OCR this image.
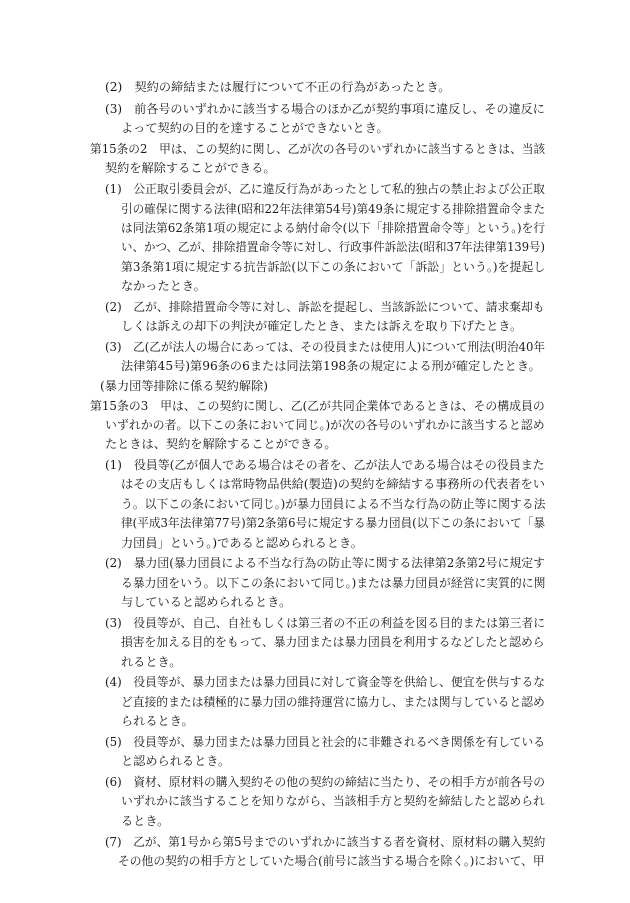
(2)　契約の締結または履行について不正の行為があったとき。
(3)　前各号のいずれかに該当する場合のほか乙が契約事項に違反し、その違反に
よって契約の目的を達することができないとき。
第15条の2　甲は、この契約に関し、乙が次の各号のいずれかに該当するときは、当該
契約を解除することができる。
(1)　公正取引委員会が、乙に違反行為があったとして私的独占の禁止および公正取
引の確保に関する法律(昭和22年法律第54号)第49条に規定する排除措置命令また
は同法第62条第1項の規定による納付命令(以下「排除措置命令等」という。)を行
い、かつ、乙が、排除措置命令等に対し、行政事件訴訟法(昭和37年法律第139号)
第3条第1項に規定する抗告訴訟(以下この条において「訴訟」という。)を提起し
なかったとき。
(2)　乙が、排除措置命令等に対し、訴訟を提起し、当該訴訟について、請求棄却も
しくは訴えの却下の判決が確定したとき、または訴えを取り下げたとき。
(3)　乙(乙が法人の場合にあっては、その役員または使用人)について刑法(明治40年
法律第45号)第96条の6または同法第198条の規定による刑が確定したとき。
(暴力団等排除に係る契約解除)
第15条の3　甲は、この契約に関し、乙(乙が共同企業体であるときは、その構成員の
いずれかの者。以下この条において同じ。)が次の各号のいずれかに該当すると認め
たときは、契約を解除することができる。
(1)　役員等(乙が個人である場合はその者を、乙が法人である場合はその役員また
はその支店もしくは常時物品供給(製造)の契約を締結する事務所の代表者をい
う。以下この条において同じ。)が暴力団員による不当な行為の防止等に関する法
律(平成3年法律第77号)第2条第6号に規定する暴力団員(以下この条において「暴
力団員」という。)であると認められるとき。
(2)　暴力団(暴力団員による不当な行為の防止等に関する法律第2条第2号に規定す
る暴力団をいう。以下この条において同じ。)または暴力団員が経営に実質的に関
与していると認められるとき。
(3)　役員等が、自己、自社もしくは第三者の不正の利益を図る目的または第三者に
損害を加える目的をもって、暴力団または暴力団員を利用するなどしたと認めら
れるとき。
(4)　役員等が、暴力団または暴力団員に対して資金等を供給し、便宜を供与するな
ど直接的または積極的に暴力団の維持運営に協力し、または関与していると認め
られるとき。
(5)　役員等が、暴力団または暴力団員と社会的に非難されるべき関係を有している
と認められるとき。
(6)　資材、原材料の購入契約その他の契約の締結に当たり、その相手方が前各号の
いずれかに該当することを知りながら、当該相手方と契約を締結したと認められ
るとき。
(7)　乙が、第1号から第5号までのいずれかに該当する者を資材、原材料の購入契約
その他の契約の相手方としていた場合(前号に該当する場合を除く。)において、甲
